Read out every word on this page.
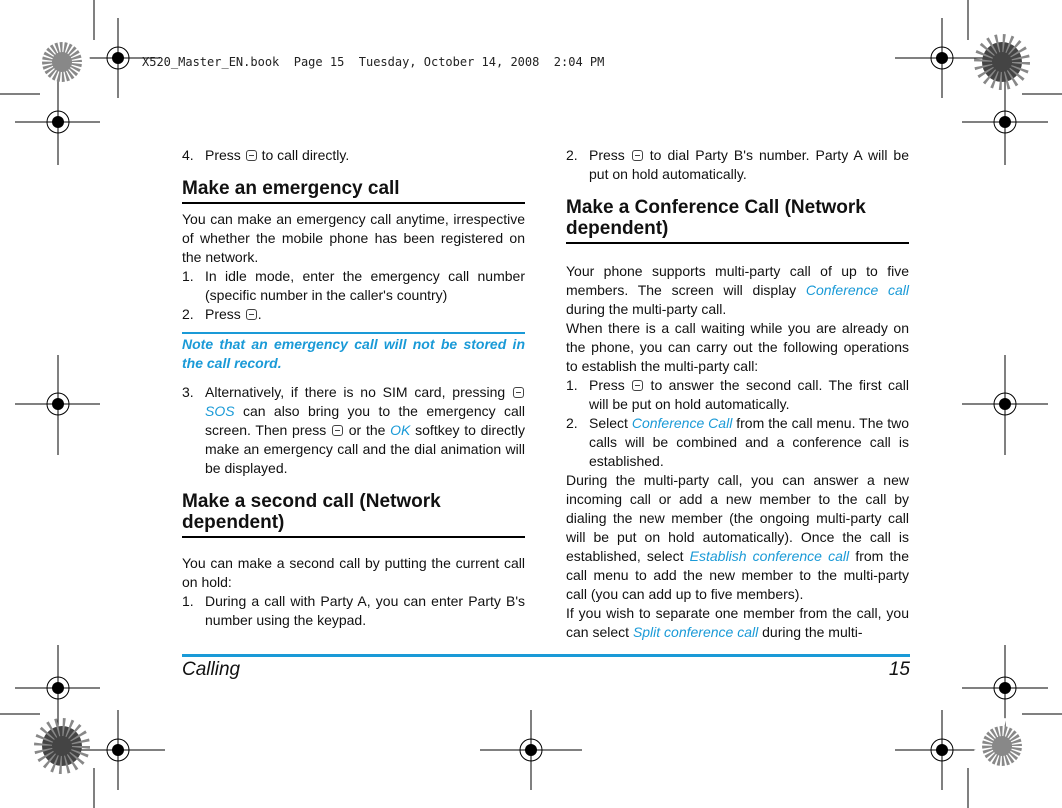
X520_Master_EN.book  Page 15  Tuesday, October 14, 2008  2:04 PM
4. Press  to call directly.
Make an emergency call

You can make an emergency call anytime, irrespective of whether the mobile phone has been registered on the network.

1. In idle mode, enter the emergency call number (specific number in the caller's country)
2. Press .
Note that an emergency call will not be stored in the call record.
3. Alternatively, if there is no SIM card, pressing SOS can also bring you to the emergency call screen. Then press  or the OK softkey to directly make an emergency call and the dial animation will be displayed.
Make a second call (Network dependent)

You can make a second call by putting the current call on hold:

1. During a call with Party A, you can enter Party B's number using the keypad.
2. Press  to dial Party B's number. Party A will be put on hold automatically.
Make a Conference Call (Network dependent)

Your phone supports multi-party call of up to five members. The screen will display Conference call during the multi-party call.

When there is a call waiting while you are already on the phone, you can carry out the following operations to establish the multi-party call:

1. Press  to answer the second call. The first call will be put on hold automatically.
2. Select Conference Call from the call menu. The two calls will be combined and a conference call is established.

During the multi-party call, you can answer a new incoming call or add a new member to the call by dialing the new member (the ongoing multi-party call will be put on hold automatically). Once the call is established, select Establish conference call from the call menu to add the new member to the multi-party call (you can add up to five members).

If you wish to separate one member from the call, you can select Split conference call during the multi-

Calling	15
